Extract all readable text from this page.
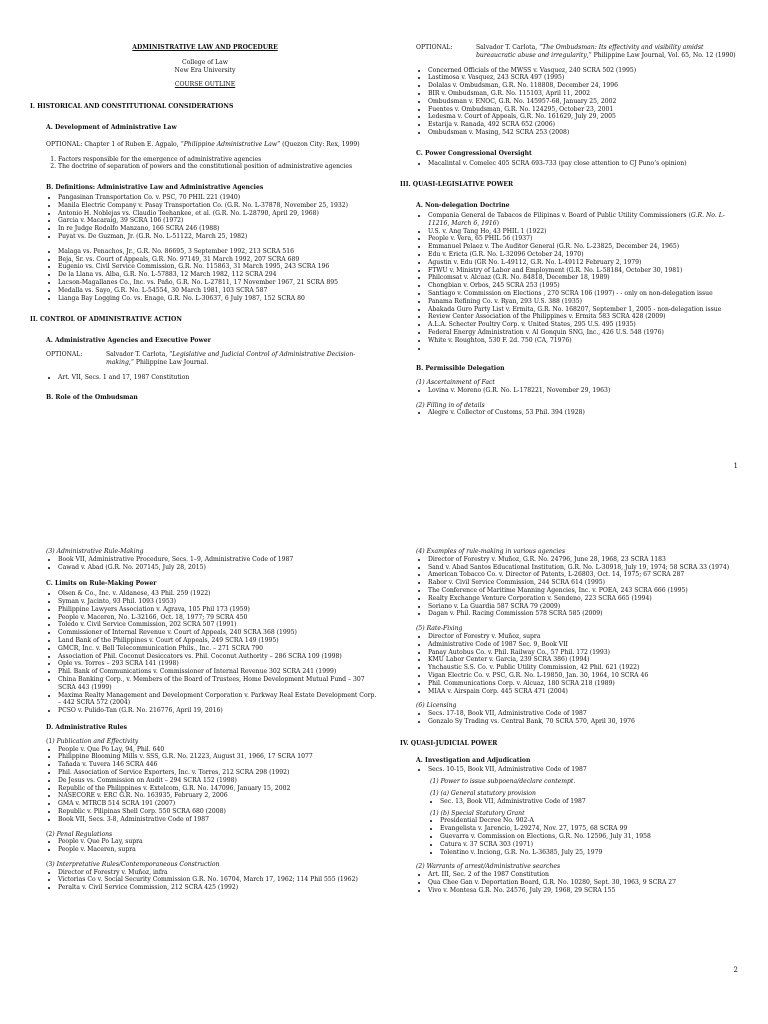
ADMINISTRATIVE LAW AND PROCEDURE
College of Law
New Era University
COURSE OUTLINE
I. HISTORICAL AND CONSTITUTIONAL CONSIDERATIONS
A. Development of Administrative Law
OPTIONAL: Chapter 1 of Ruben E. Agpalo, “Philippine Administrative Law” (Quezon City: Rex, 1999)
1. Factors responsible for the emergence of administrative agencies
2. The doctrine of separation of powers and the constitutional position of administrative agencies
B. Definitions: Administrative Law and Administrative Agencies
• Pangasinan Transportation Co. v. PSC, 70 PHIL 221 (1940)
• Manila Electric Company v. Pasay Transportation Co. (G.R. No. L-37878, November 25, 1932)
• Antonio H. Noblejas vs. Claudio Teehankee, et al. (G.R. No. L-28790, April 29, 1968)
• Garcia v. Macaraig, 39 SCRA 106 (1972)
• In re Judge Rodolfo Manzano, 166 SCRA 246 (1988)
• Puyat vs. De Guzman, Jr. (G.R. No. L-51122, March 25, 1982)
• Malaga vs. Penachos, Jr., G.R. No. 86695, 3 September 1992, 213 SCRA 516
• Beja, Sr. vs. Court of Appeals, G.R. No. 97149, 31 March 1992, 207 SCRA 689
• Eugenio vs. Civil Service Commission, G.R. No. 115863, 31 March 1995, 243 SCRA 196
• De la Llana vs. Alba, G.R. No. L-57883, 12 March 1982, 112 SCRA 294
• Lacson-Magallanes Co., Inc. vs. Paño, G.R. No. L-27811, 17 November 1967, 21 SCRA 895
• Medalla vs. Sayo, G.R. No. L-54554, 30 March 1981, 103 SCRA 587
• Lianga Bay Logging Co. vs. Enage, G.R. No. L-30637, 6 July 1987, 152 SCRA 80
II. CONTROL OF ADMINISTRATIVE ACTION
A. Administrative Agencies and Executive Power
OPTIONAL:	Salvador T. Carlota, “Legislative and Judicial Control of Administrative Decision-making,” Philippine Law Journal.
• Art. VII, Secs. 1 and 17, 1987 Constitution
B. Role of the Ombudsman
OPTIONAL:	Salvador T. Carlota, “The Ombudsman: Its effectivity and visibility amidst bureaucratic abuse and irregularity,” Philippine Law Journal, Vol. 65, No. 12 (1990)
• Concerned Officials of the MWSS v. Vasquez, 240 SCRA 502 (1995)
• Lastimosa v. Vasquez, 243 SCRA 497 (1995)
• Dolalas v. Ombudsman, G.R. No. 118808, December 24, 1996
• BIR v. Ombudsman, G.R. No. 115103, April 11, 2002
• Ombudsman v. ENOC, G.R. No. 145957-68, January 25, 2002
• Fuentes v. Ombudsman, G.R. No. 124295, October 23, 2001
• Ledesma v. Court of Appeals, G.R. No. 161629, July 29, 2005
• Estarija v. Ranada, 492 SCRA 652 (2006)
• Ombudsman v. Masing, 542 SCRA 253 (2008)
C. Power Congressional Oversight
• Macalintal v. Comelec 405 SCRA 693-733 (pay close attention to CJ Puno’s opinion)
III. QUASI-LEGISLATIVE POWER
A. Non-delegation Doctrine
• Compania General de Tabacos de Filipinas v. Board of Public Utility Commissioners (G.R. No. L-11216, March 6, 1916)
• U.S. v. Ang Tang Ho, 43 PHIL 1 (1922)
• People v. Vera, 65 PHIL 56 (1937)
• Emmanuel Pelaez v. The Auditor General (G.R. No. L-23825, December 24, 1965)
• Edu v. Ericta (G.R. No. L-32096 October 24, 1970)
• Agustin v. Edu (GR No. L-49112, G.R. No. L-49112 February 2, 1979)
• FTWU v. Ministry of Labor and Employment (G.R. No. L-58184, October 30, 1981)
• Philcomsat v. Alcuaz (G.R. No. 84818, December 18, 1989)
• Chongbian v. Orbos, 245 SCRA 253 (1995)
• Santiago v. Commission on Elections , 270 SCRA 106 (1997) - - only on non-delegation issue
• Panama Refining Co. v. Ryan, 293 U.S. 388 (1935)
• Abakada Guro Party List v. Ermita, G.R. No. 168207, September 1, 2005 - non-delegation issue
• Review Center Association of the Philippines v. Ermita 583 SCRA 428 (2009)
• A.L.A. Schecter Poultry Corp. v. United States, 295 U.S. 495 (1935)
• Federal Energy Administration v. Al Gonquin SNG, Inc., 426 U.S. 548 (1976)
• White v. Roughton, 530 F. 2d. 750 (CA, 71976)
•
B. Permissible Delegation
(1) Ascertainment of Fact
• Lovina v. Moreno (G.R. No. L-178221, November 29, 1963)
(2) Filling in of details
• Alegre v. Collector of Customs, 53 Phil. 394 (1928)
1
(3) Administrative Rule-Making
• Book VII, Administrative Procedure, Secs. 1–9, Administrative Code of 1987
• Cawad v. Abad (G.R. No. 207145, July 28, 2015)
C. Limits on Rule-Making Power
• Olsen & Co., Inc. v. Aldanese, 43 Phil. 259 (1922)
• Syman v. Jacinto, 93 Phil. 1093 (1953)
• Philippine Lawyers Association v. Agrava, 105 Phil 173 (1959)
• People v. Maceren, No. L-32166, Oct. 18, 1977; 79 SCRA 450
• Toledo v. Civil Service Commission, 202 SCRA 507 (1991)
• Commissioner of Internal Revenue v. Court of Appeals, 240 SCRA 368 (1995)
• Land Bank of the Philippines v. Court of Appeals, 249 SCRA 149 (1995)
• GMCR, Inc. v. Bell Telecommunication Phils., Inc. – 271 SCRA 790
• Association of Phil. Coconut Desiccators vs. Phil. Coconut Authority – 286 SCRA 109 (1998)
• Ople vs. Torres – 293 SCRA 141 (1998)
• Phil. Bank of Communications v. Commissioner of Internal Revenue 302 SCRA 241 (1999)
• China Banking Corp., v. Members of the Board of Trustees, Home Development Mutual Fund – 307 SCRA 443 (1999)
• Maxima Realty Management and Development Corporation v. Parkway Real Estate Development Corp. – 442 SCRA 572 (2004)
• PCSO v. Pulido-Tan (G.R. No. 216776, April 19, 2016)
D. Administrative Rules
(1) Publication and Effectivity
• People v. Que Po Lay, 94, Phil. 640
• Philippine Blooming Mills v. SSS, G.R. No. 21223, August 31, 1966, 17 SCRA 1077
• Tañada v. Tuvera 146 SCRA 446
• Phil. Association of Service Exporters, Inc. v. Torres, 212 SCRA 298 (1992)
• De Jesus vs. Commission on Audit – 294 SCRA 152 (1998)
• Republic of the Philippines v. Extelcom, G.R. No. 147096, January 15, 2002
• NASECORE v. ERC G.R. No. 163935, February 2, 2006
• GMA v. MTRCB 514 SCRA 191 (2007)
• Republic v. Pilipinas Shell Corp. 550 SCRA 680 (2008)
• Book VII, Secs. 3-8, Administrative Code of 1987
(2) Penal Regulations
• People v. Que Po Lay, supra
• People v. Maceren, supra
(3) Interpretative Rules/Contemporaneous Construction
• Director of Forestry v. Muñoz, infra
• Victorias Co v. Social Security Commission G.R. No. 16704, March 17, 1962; 114 Phil 555 (1962)
• Peralta v. Civil Service Commission, 212 SCRA 425 (1992)
(4) Examples of rule-making in various agencies
• Director of Forestry v. Muñoz, G.R. No. 24796, June 28, 1968, 23 SCRA 1183
• Sand v. Abad Santos Educational Institution, G.R. No. L-30918, July 19, 1974; 58 SCRA 33 (1974)
• American Tobacco Co. v. Director of Patents, L-26803, Oct. 14, 1975; 67 SCRA 287
• Rabor v. Civil Service Commission, 244 SCRA 614 (1995)
• The Conference of Maritime Manning Agencies, Inc. v. POEA, 243 SCRA 666 (1995)
• Realty Exchange Venture Corporation v. Sendeno, 223 SCRA 665 (1994)
• Soriano v. La Guardia 587 SCRA 79 (2009)
• Dagan v. Phil. Racing Commission 578 SCRA 585 (2009)
(5) Rate-Fixing
• Director of Forestry v. Muñoz, supra
• Administrative Code of 1987 Sec. 9, Book VII
• Panay Autobus Co. v. Phil. Railway Co., 57 Phil. 172 (1993)
• KMU Labor Center v. Garcia, 239 SCRA 386) (1994)
• Ynchaustic S.S. Co. v. Public Utility Commission, 42 Phil. 621 (1922)
• Vigan Electric Co. v. PSC, G.R. No. L-19850, Jan. 30, 1964, 10 SCRA 46
• Phil. Communications Corp. v. Alcuaz, 180 SCRA 218 (1989)
• MIAA v. Airspain Corp. 445 SCRA 471 (2004)
(6) Licensing
• Secs. 17-18, Book VII, Administrative Code of 1987
• Gonzalo Sy Trading vs. Central Bank, 70 SCRA 570, April 30, 1976
IV. QUASI-JUDICIAL POWER
A. Investigation and Adjudication
• Secs. 10-15, Book VII, Administrative Code of 1987
(1) Power to issue subpoena/declare contempt.
(1) (a) General statutory provision
• Sec. 13, Book VII, Administrative Code of 1987
(1) (b) Special Statutory Grant
• Presidential Decree No. 902-A
• Evangelista v. Jarencio, L-29274, Nov. 27, 1975, 68 SCRA 99
• Guevarra v. Commission on Elections, G.R. No. 12596, July 31, 1958
• Catura v. 37 SCRA 303 (1971)
• Tolentino v. Inciong, G.R. No. L-36385, July 25, 1979
(2) Warrants of arrest/Administrative searches
• Art. III, Sec. 2 of the 1987 Constitution
• Qua Chee Gan v. Deportation Board, G.R. No. 10280, Sept. 30, 1963, 9 SCRA 27
• Vivo v. Montesa G.R. No. 24576, July 29, 1968, 29 SCRA 155
2
